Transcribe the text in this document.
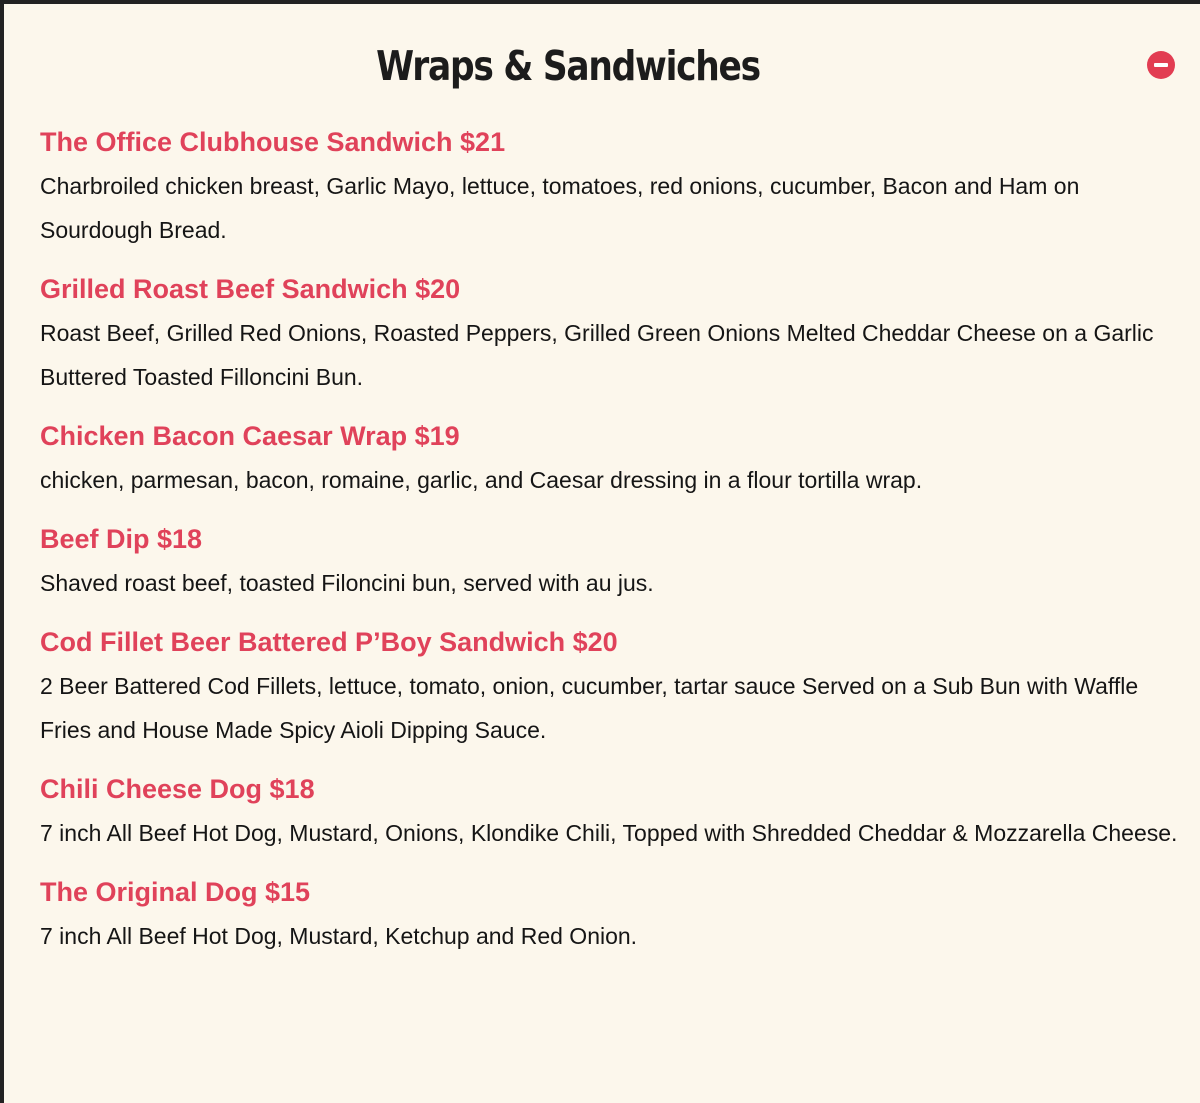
Wraps & Sandwiches
The Office Clubhouse Sandwich $21
Charbroiled chicken breast, Garlic Mayo, lettuce, tomatoes, red onions, cucumber, Bacon and Ham on Sourdough Bread.
Grilled Roast Beef Sandwich $20
Roast Beef, Grilled Red Onions, Roasted Peppers, Grilled Green Onions Melted Cheddar Cheese on a Garlic Buttered Toasted Filloncini Bun.
Chicken Bacon Caesar Wrap $19
chicken, parmesan, bacon, romaine, garlic, and Caesar dressing in a flour tortilla wrap.
Beef Dip $18
Shaved roast beef, toasted Filoncini bun, served with au jus.
Cod Fillet Beer Battered P’Boy Sandwich $20
2 Beer Battered Cod Fillets, lettuce, tomato, onion, cucumber, tartar sauce Served on a Sub Bun with Waffle Fries and House Made Spicy Aioli Dipping Sauce.
Chili Cheese Dog $18
7 inch All Beef Hot Dog, Mustard, Onions, Klondike Chili, Topped with Shredded Cheddar & Mozzarella Cheese.
The Original Dog $15
7 inch All Beef Hot Dog, Mustard, Ketchup and Red Onion.
